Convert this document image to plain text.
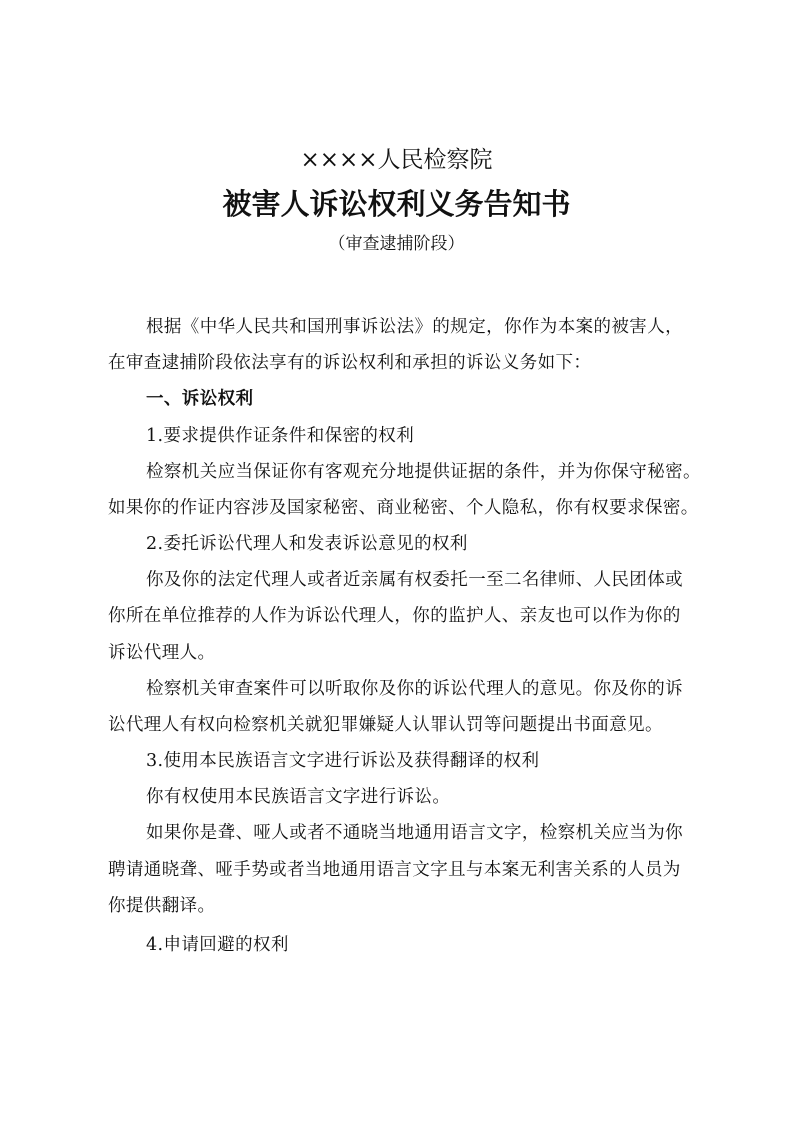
××××人民检察院
被害人诉讼权利义务告知书
（审查逮捕阶段）
根据《中华人民共和国刑事诉讼法》的规定，你作为本案的被害人，
在审查逮捕阶段依法享有的诉讼权利和承担的诉讼义务如下：
一、诉讼权利
1.要求提供作证条件和保密的权利
检察机关应当保证你有客观充分地提供证据的条件，并为你保守秘密。
如果你的作证内容涉及国家秘密、商业秘密、个人隐私，你有权要求保密。
2.委托诉讼代理人和发表诉讼意见的权利
你及你的法定代理人或者近亲属有权委托一至二名律师、人民团体或
你所在单位推荐的人作为诉讼代理人，你的监护人、亲友也可以作为你的
诉讼代理人。
检察机关审查案件可以听取你及你的诉讼代理人的意见。你及你的诉
讼代理人有权向检察机关就犯罪嫌疑人认罪认罚等问题提出书面意见。
3.使用本民族语言文字进行诉讼及获得翻译的权利
你有权使用本民族语言文字进行诉讼。
如果你是聋、哑人或者不通晓当地通用语言文字，检察机关应当为你
聘请通晓聋、哑手势或者当地通用语言文字且与本案无利害关系的人员为
你提供翻译。
4.申请回避的权利
